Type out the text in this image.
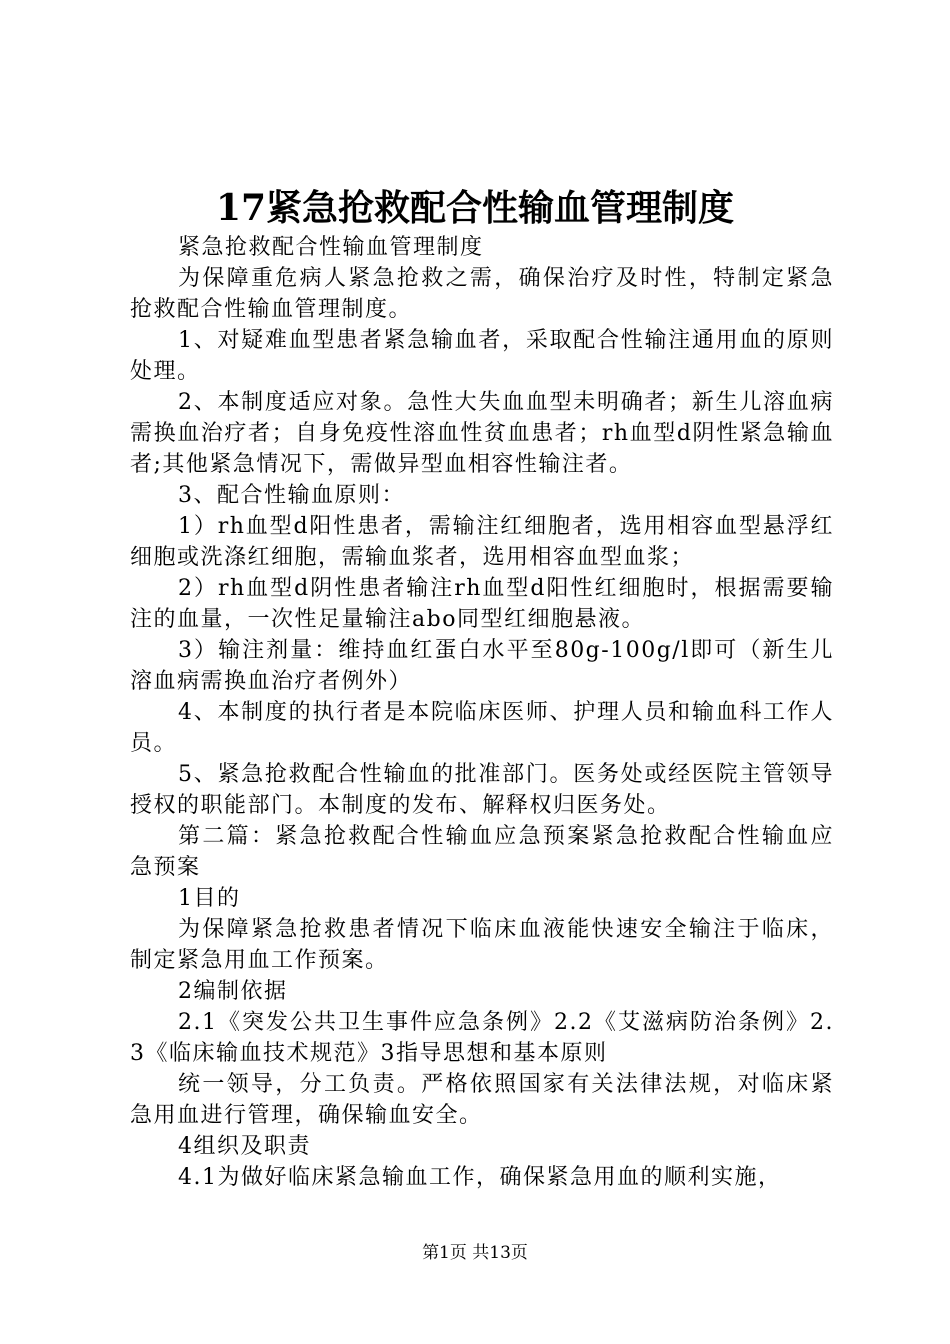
17紧急抢救配合性输血管理制度

紧急抢救配合性输血管理制度

为保障重危病人紧急抢救之需，确保治疗及时性，特制定紧急抢救配合性输血管理制度。

1、对疑难血型患者紧急输血者，采取配合性输注通用血的原则处理。

2、本制度适应对象。急性大失血血型未明确者；新生儿溶血病需换血治疗者；自身免疫性溶血性贫血患者；rh血型d阴性紧急输血者;其他紧急情况下，需做异型血相容性输注者。

3、配合性输血原则：

1）rh血型d阳性患者，需输注红细胞者，选用相容血型悬浮红细胞或洗涤红细胞，需输血浆者，选用相容血型血浆；

2）rh血型d阴性患者输注rh血型d阳性红细胞时，根据需要输注的血量，一次性足量输注abo同型红细胞悬液。

3）输注剂量：维持血红蛋白水平至80g-100g/l即可（新生儿溶血病需换血治疗者例外）

4、本制度的执行者是本院临床医师、护理人员和输血科工作人员。

5、紧急抢救配合性输血的批准部门。医务处或经医院主管领导授权的职能部门。本制度的发布、解释权归医务处。

第二篇：紧急抢救配合性输血应急预案紧急抢救配合性输血应急预案

1目的

为保障紧急抢救患者情况下临床血液能快速安全输注于临床，制定紧急用血工作预案。

2编制依据

2.1《突发公共卫生事件应急条例》2.2《艾滋病防治条例》2.3《临床输血技术规范》3指导思想和基本原则

统一领导，分工负责。严格依照国家有关法律法规，对临床紧急用血进行管理，确保输血安全。

4组织及职责

4.1为做好临床紧急输血工作，确保紧急用血的顺利实施，

第1页 共13页
